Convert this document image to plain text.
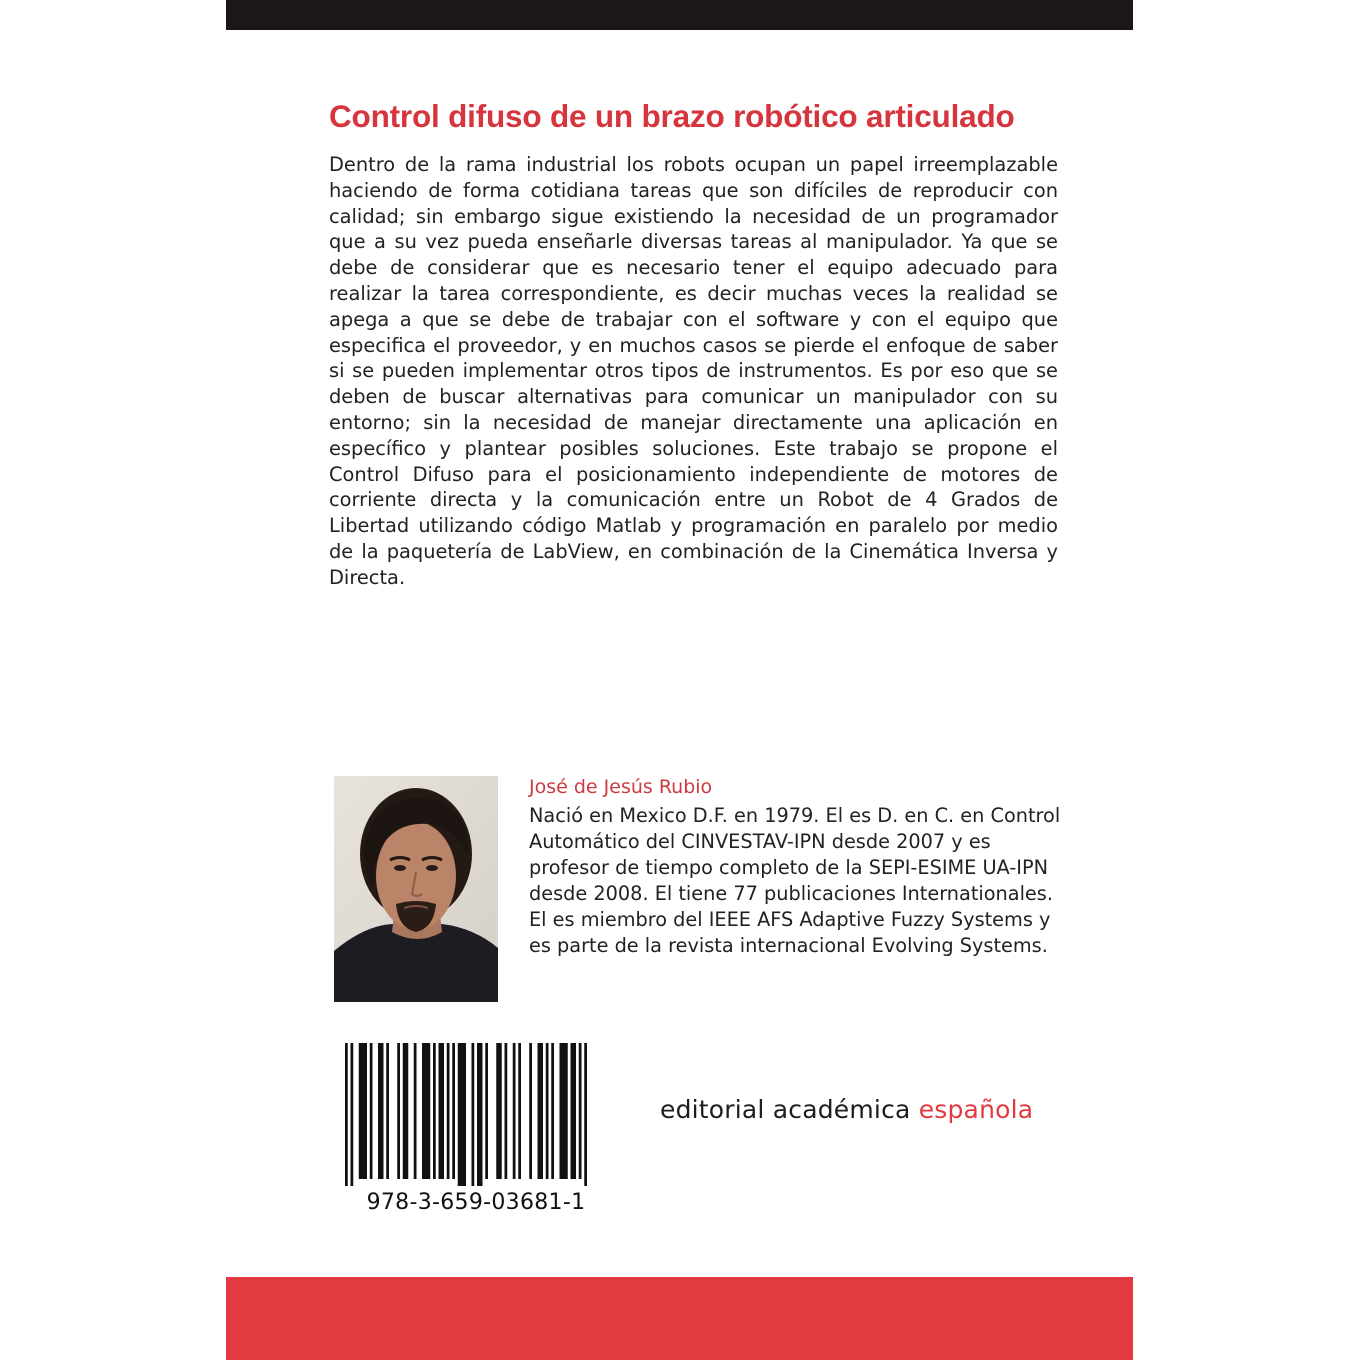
Control difuso de un brazo robótico articulado

Dentro de la rama industrial los robots ocupan un papel irreemplazable haciendo de forma cotidiana tareas que son difíciles de reproducir con calidad; sin embargo sigue existiendo la necesidad de un programador que a su vez pueda enseñarle diversas tareas al manipulador. Ya que se debe de considerar que es necesario tener el equipo adecuado para realizar la tarea correspondiente, es decir muchas veces la realidad se apega a que se debe de trabajar con el software y con el equipo que especifica el proveedor, y en muchos casos se pierde el enfoque de saber si se pueden implementar otros tipos de instrumentos. Es por eso que se deben de buscar alternativas para comunicar un manipulador con su entorno; sin la necesidad de manejar directamente una aplicación en específico y plantear posibles soluciones. Este trabajo se propone el Control Difuso para el posicionamiento independiente de motores de corriente directa y la comunicación entre un Robot de 4 Grados de Libertad utilizando código Matlab y programación en paralelo por medio de la paquetería de LabView, en combinación de la Cinemática Inversa y Directa.

José de Jesús Rubio

Nació en Mexico D.F. en 1979. El es D. en C. en Control Automático del CINVESTAV-IPN desde 2007 y es profesor de tiempo completo de la SEPI-ESIME UA-IPN desde 2008. El tiene 77 publicaciones Internationales. El es miembro del IEEE AFS Adaptive Fuzzy Systems y es parte de la revista internacional Evolving Systems.

978-3-659-03681-1

editorial académica española
